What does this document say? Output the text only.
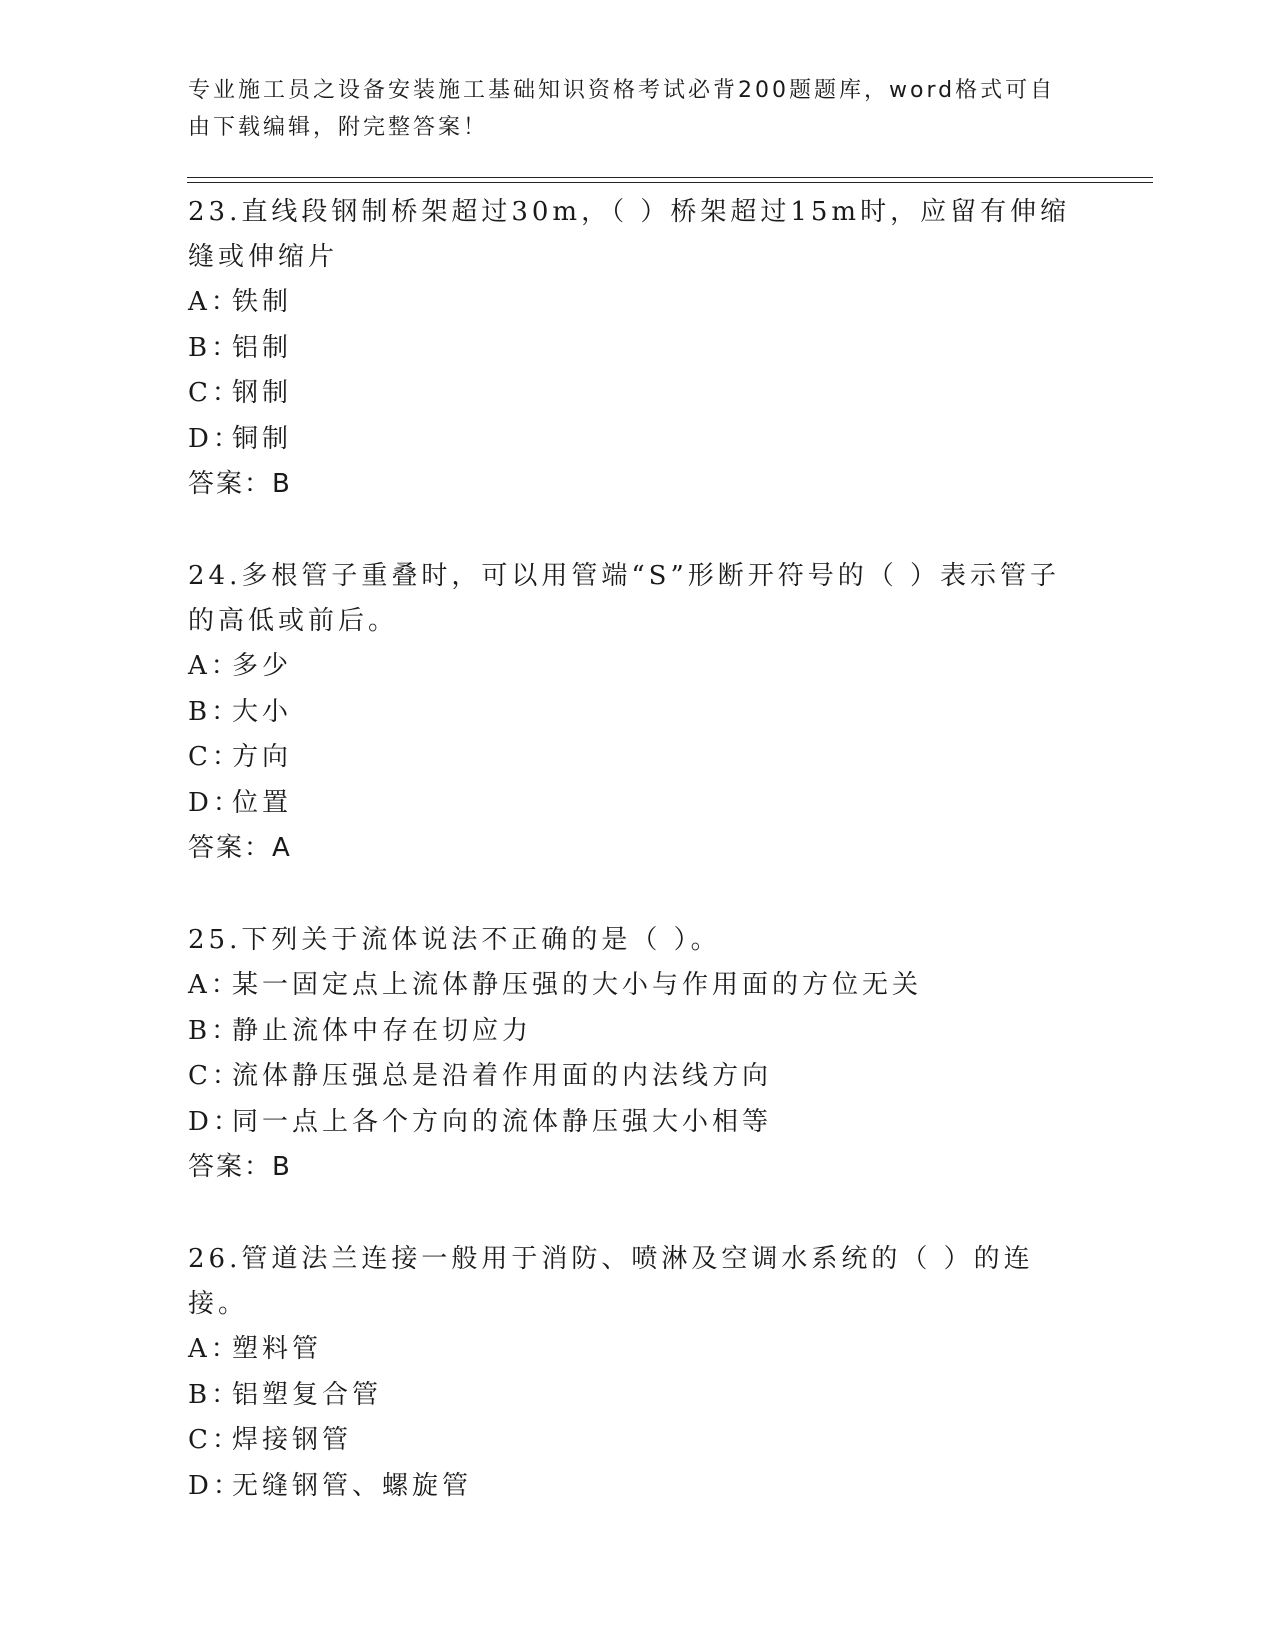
专业施工员之设备安装施工基础知识资格考试必背200题题库，word格式可自由下载编辑，附完整答案！
23.直线段钢制桥架超过30m，（ ）桥架超过15m时，应留有伸缩缝或伸缩片
A：铁制
B：铝制
C：钢制
D：铜制
答案：B
24.多根管子重叠时，可以用管端“S”形断开符号的（ ）表示管子的高低或前后。
A：多少
B：大小
C：方向
D：位置
答案：A
25.下列关于流体说法不正确的是（ ）。
A：某一固定点上流体静压强的大小与作用面的方位无关
B：静止流体中存在切应力
C：流体静压强总是沿着作用面的内法线方向
D：同一点上各个方向的流体静压强大小相等
答案：B
26.管道法兰连接一般用于消防、喷淋及空调水系统的（ ）的连接。
A：塑料管
B：铝塑复合管
C：焊接钢管
D：无缝钢管、螺旋管
